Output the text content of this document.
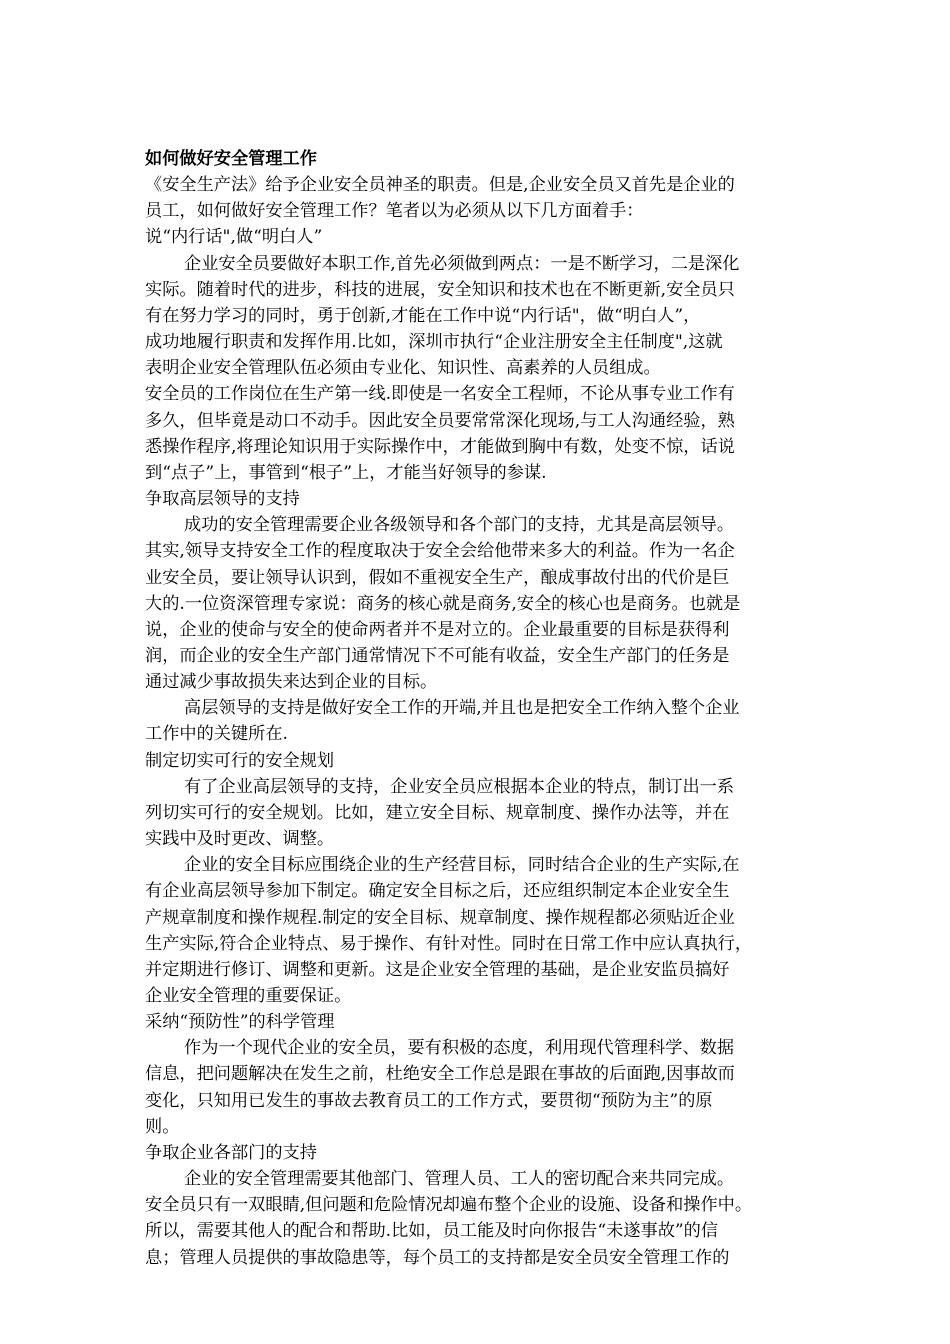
如何做好安全管理工作

《安全生产法》给予企业安全员神圣的职责。但是,企业安全员又首先是企业的

员工，如何做好安全管理工作？笔者以为必须从以下几方面着手：

说“内行话",做“明白人”

企业安全员要做好本职工作,首先必须做到两点：一是不断学习，二是深化

实际。随着时代的进步，科技的进展，安全知识和技术也在不断更新,安全员只

有在努力学习的同时，勇于创新,才能在工作中说“内行话"，做“明白人”，

成功地履行职责和发挥作用.比如，深圳市执行“企业注册安全主任制度",这就

表明企业安全管理队伍必须由专业化、知识性、高素养的人员组成。

安全员的工作岗位在生产第一线.即使是一名安全工程师，不论从事专业工作有

多久，但毕竟是动口不动手。因此安全员要常常深化现场,与工人沟通经验，熟

悉操作程序,将理论知识用于实际操作中，才能做到胸中有数，处变不惊，话说

到“点子”上，事管到“根子”上，才能当好领导的参谋.

争取高层领导的支持

成功的安全管理需要企业各级领导和各个部门的支持，尤其是高层领导。

其实,领导支持安全工作的程度取决于安全会给他带来多大的利益。作为一名企

业安全员，要让领导认识到，假如不重视安全生产，酿成事故付出的代价是巨

大的.一位资深管理专家说：商务的核心就是商务,安全的核心也是商务。也就是

说，企业的使命与安全的使命两者并不是对立的。企业最重要的目标是获得利

润，而企业的安全生产部门通常情况下不可能有收益，安全生产部门的任务是

通过减少事故损失来达到企业的目标。

高层领导的支持是做好安全工作的开端,并且也是把安全工作纳入整个企业

工作中的关键所在.

制定切实可行的安全规划

有了企业高层领导的支持，企业安全员应根据本企业的特点，制订出一系

列切实可行的安全规划。比如，建立安全目标、规章制度、操作办法等，并在

实践中及时更改、调整。

企业的安全目标应围绕企业的生产经营目标，同时结合企业的生产实际,在

有企业高层领导参加下制定。确定安全目标之后，还应组织制定本企业安全生

产规章制度和操作规程.制定的安全目标、规章制度、操作规程都必须贴近企业

生产实际,符合企业特点、易于操作、有针对性。同时在日常工作中应认真执行，

并定期进行修订、调整和更新。这是企业安全管理的基础，是企业安监员搞好

企业安全管理的重要保证。

采纳“预防性”的科学管理

作为一个现代企业的安全员，要有积极的态度，利用现代管理科学、数据

信息，把问题解决在发生之前，杜绝安全工作总是跟在事故的后面跑,因事故而

变化，只知用已发生的事故去教育员工的工作方式，要贯彻“预防为主”的原

则。

争取企业各部门的支持

企业的安全管理需要其他部门、管理人员、工人的密切配合来共同完成。

安全员只有一双眼睛,但问题和危险情况却遍布整个企业的设施、设备和操作中。

所以，需要其他人的配合和帮助.比如，员工能及时向你报告“未遂事故”的信

息；管理人员提供的事故隐患等，每个员工的支持都是安全员安全管理工作的
